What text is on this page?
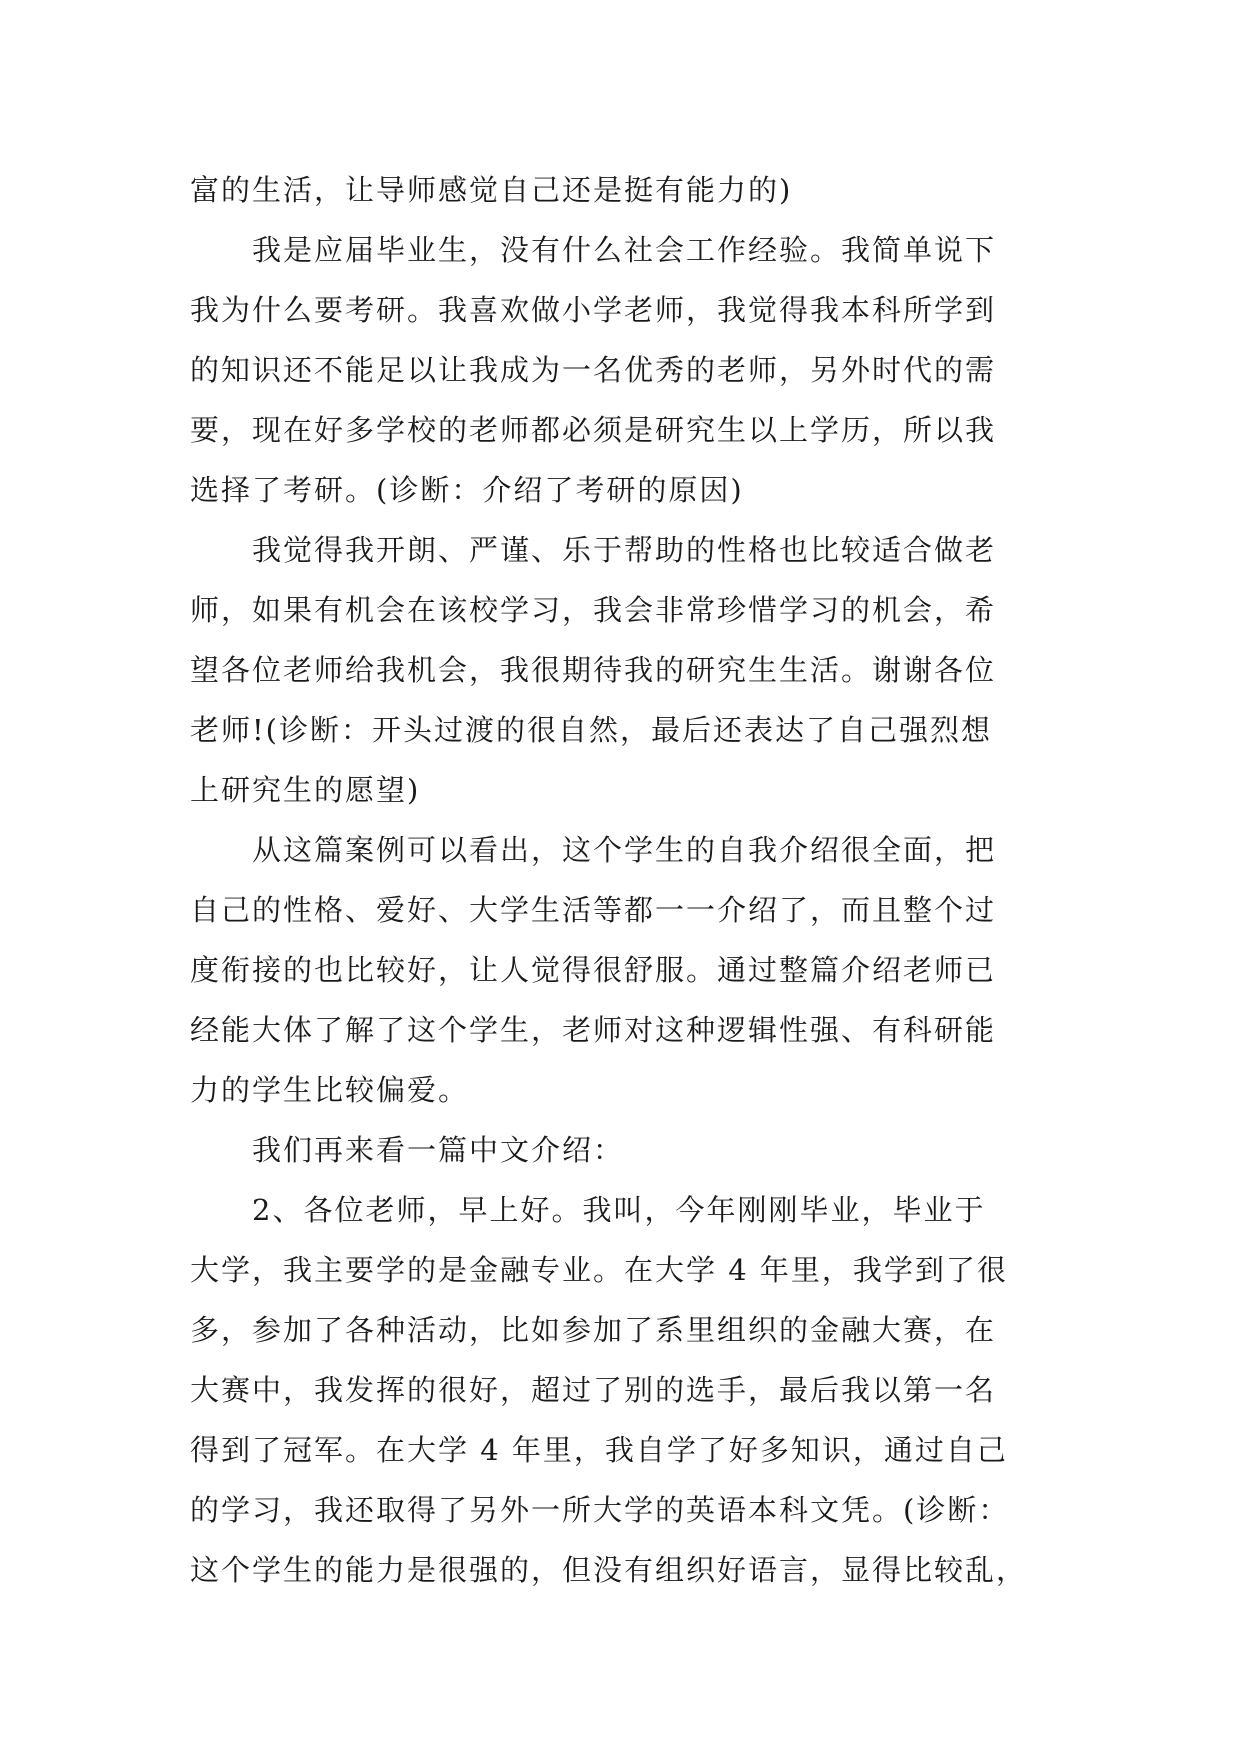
富的生活，让导师感觉自己还是挺有能力的)
我是应届毕业生，没有什么社会工作经验。我简单说下
我为什么要考研。我喜欢做小学老师，我觉得我本科所学到
的知识还不能足以让我成为一名优秀的老师，另外时代的需
要，现在好多学校的老师都必须是研究生以上学历，所以我
选择了考研。(诊断：介绍了考研的原因)
我觉得我开朗、严谨、乐于帮助的性格也比较适合做老
师，如果有机会在该校学习，我会非常珍惜学习的机会，希
望各位老师给我机会，我很期待我的研究生生活。谢谢各位
老师!(诊断：开头过渡的很自然，最后还表达了自己强烈想
上研究生的愿望)
从这篇案例可以看出，这个学生的自我介绍很全面，把
自己的性格、爱好、大学生活等都一一介绍了，而且整个过
度衔接的也比较好，让人觉得很舒服。通过整篇介绍老师已
经能大体了解了这个学生，老师对这种逻辑性强、有科研能
力的学生比较偏爱。
我们再来看一篇中文介绍：
2、各位老师，早上好。我叫，今年刚刚毕业，毕业于
大学，我主要学的是金融专业。在大学 4 年里，我学到了很
多，参加了各种活动，比如参加了系里组织的金融大赛，在
大赛中，我发挥的很好，超过了别的选手，最后我以第一名
得到了冠军。在大学 4 年里，我自学了好多知识，通过自己
的学习，我还取得了另外一所大学的英语本科文凭。(诊断：
这个学生的能力是很强的，但没有组织好语言，显得比较乱，
